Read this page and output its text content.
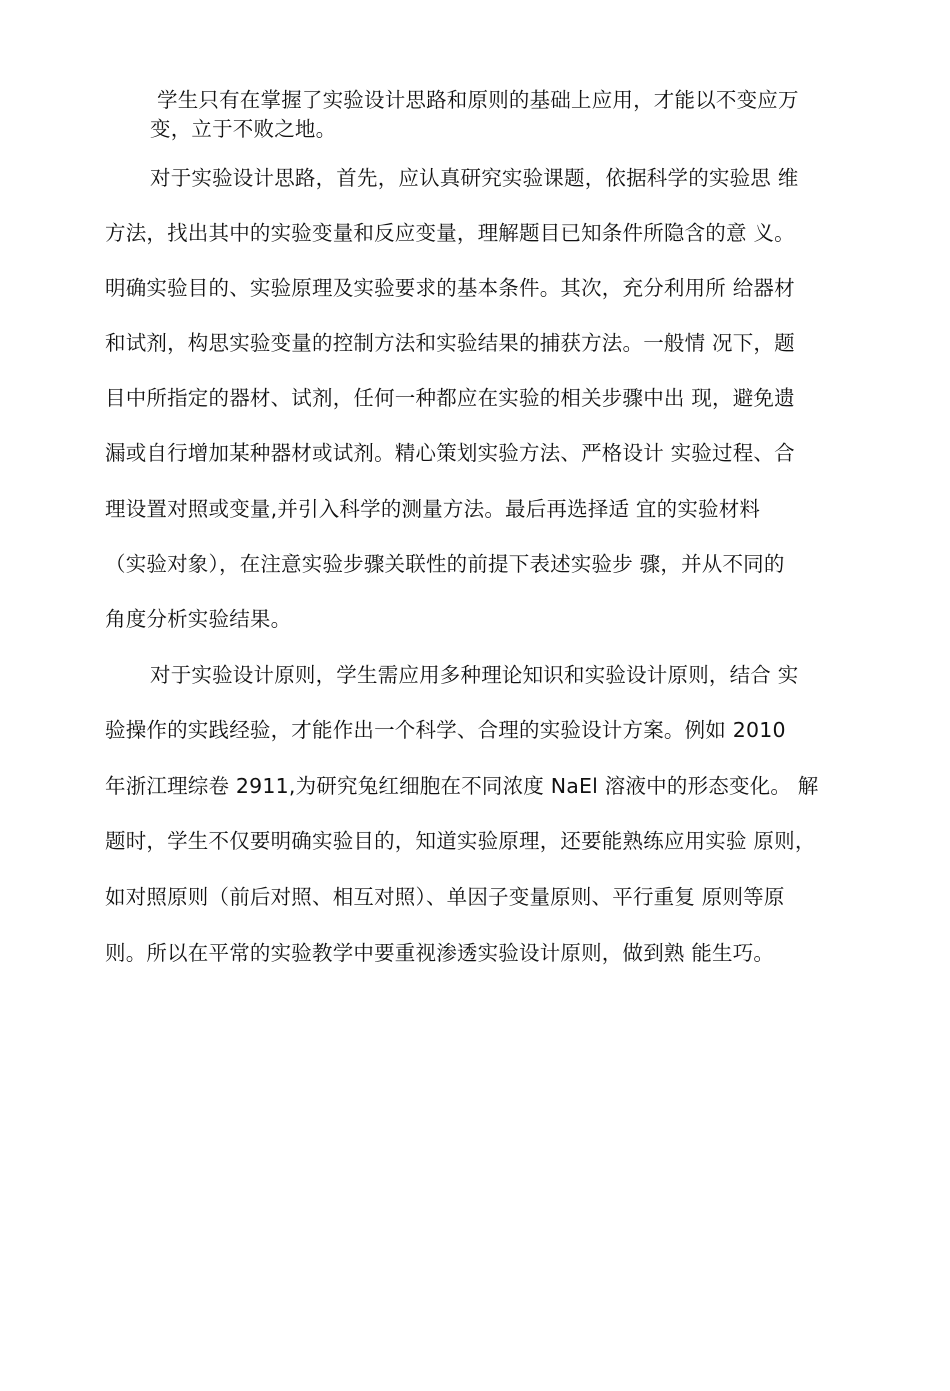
学生只有在掌握了实验设计思路和原则的基础上应用，才能以不变应万
变，立于不败之地。
对于实验设计思路，首先，应认真研究实验课题，依据科学的实验思 维
方法，找出其中的实验变量和反应变量，理解题目已知条件所隐含的意 义。
明确实验目的、实验原理及实验要求的基本条件。其次，充分利用所 给器材
和试剂，构思实验变量的控制方法和实验结果的捕获方法。一般情 况下，题
目中所指定的器材、试剂，任何一种都应在实验的相关步骤中出 现，避免遗
漏或自行增加某种器材或试剂。精心策划实验方法、严格设计 实验过程、合
理设置对照或变量,并引入科学的测量方法。最后再选择适 宜的实验材料
（实验对象），在注意实验步骤关联性的前提下表述实验步 骤，并从不同的
角度分析实验结果。
对于实验设计原则，学生需应用多种理论知识和实验设计原则，结合 实
验操作的实践经验，才能作出一个科学、合理的实验设计方案。例如 2010
年浙江理综卷 2911,为研究兔红细胞在不同浓度 NaEl 溶液中的形态变化。 解
题时，学生不仅要明确实验目的，知道实验原理，还要能熟练应用实验 原则，
如对照原则（前后对照、相互对照）、单因子变量原则、平行重复 原则等原
则。所以在平常的实验教学中要重视渗透实验设计原则，做到熟 能生巧。
